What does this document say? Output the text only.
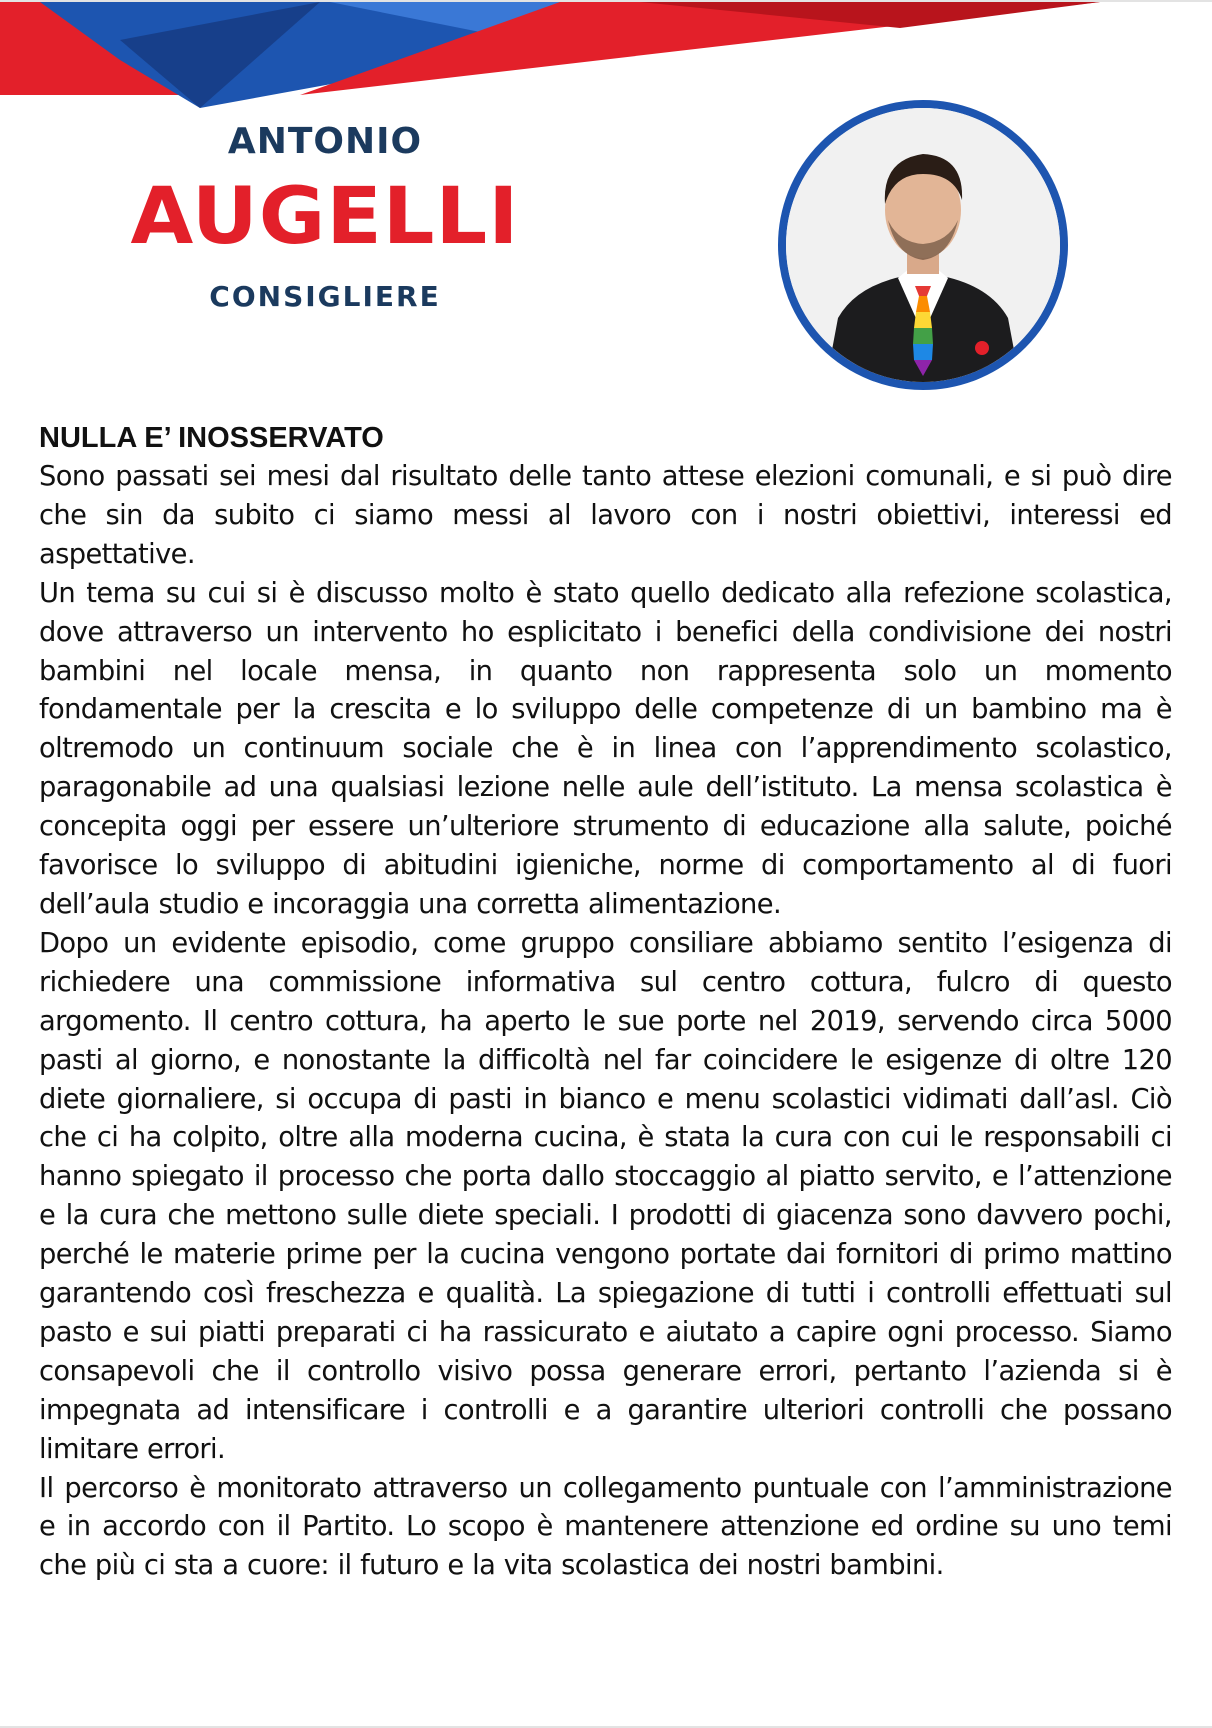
ANTONIO
AUGELLI
CONSIGLIERE
NULLA E’ INOSSERVATO

Sono passati sei mesi dal risultato delle tanto attese elezioni comunali, e si può dire che sin da subito ci siamo messi al lavoro con i nostri obiettivi, interessi ed aspettative.

Un tema su cui si è discusso molto è stato quello dedicato alla refezione scolastica, dove attraverso un intervento ho esplicitato i benefici della condivisione dei nostri bambini nel locale mensa, in quanto non rappresenta solo un momento fondamentale per la crescita e lo sviluppo delle competenze di un bambino ma è oltremodo un continuum sociale che è in linea con l’apprendimento scolastico, paragonabile ad una qualsiasi lezione nelle aule dell’istituto. La mensa scolastica è concepita oggi per essere un’ulteriore strumento di educazione alla salute, poiché favorisce lo sviluppo di abitudini igieniche, norme di comportamento al di fuori dell’aula studio e incoraggia una corretta alimentazione.

Dopo un evidente episodio, come gruppo consiliare abbiamo sentito l’esigenza di richiedere una commissione informativa sul centro cottura, fulcro di questo argomento. Il centro cottura, ha aperto le sue porte nel 2019, servendo circa 5000 pasti al giorno, e nonostante la difficoltà nel far coincidere le esigenze di oltre 120 diete giornaliere, si occupa di pasti in bianco e menu scolastici vidimati dall’asl. Ciò che ci ha colpito, oltre alla moderna cucina, è stata la cura con cui le responsabili ci hanno spiegato il processo che porta dallo stoccaggio al piatto servito, e l’attenzione e la cura che mettono sulle diete speciali. I prodotti di giacenza sono davvero pochi, perché le materie prime per la cucina vengono portate dai fornitori di primo mattino garantendo così freschezza e qualità. La spiegazione di tutti i controlli effettuati sul pasto e sui piatti preparati ci ha rassicurato e aiutato a capire ogni processo. Siamo consapevoli che il controllo visivo possa generare errori, pertanto l’azienda si è impegnata ad intensificare i controlli e a garantire ulteriori controlli che possano limitare errori.

Il percorso è monitorato attraverso un collegamento puntuale con l’amministrazione e in accordo con il Partito. Lo scopo è mantenere attenzione ed ordine su uno temi che più ci sta a cuore: il futuro e la vita scolastica dei nostri bambini.
